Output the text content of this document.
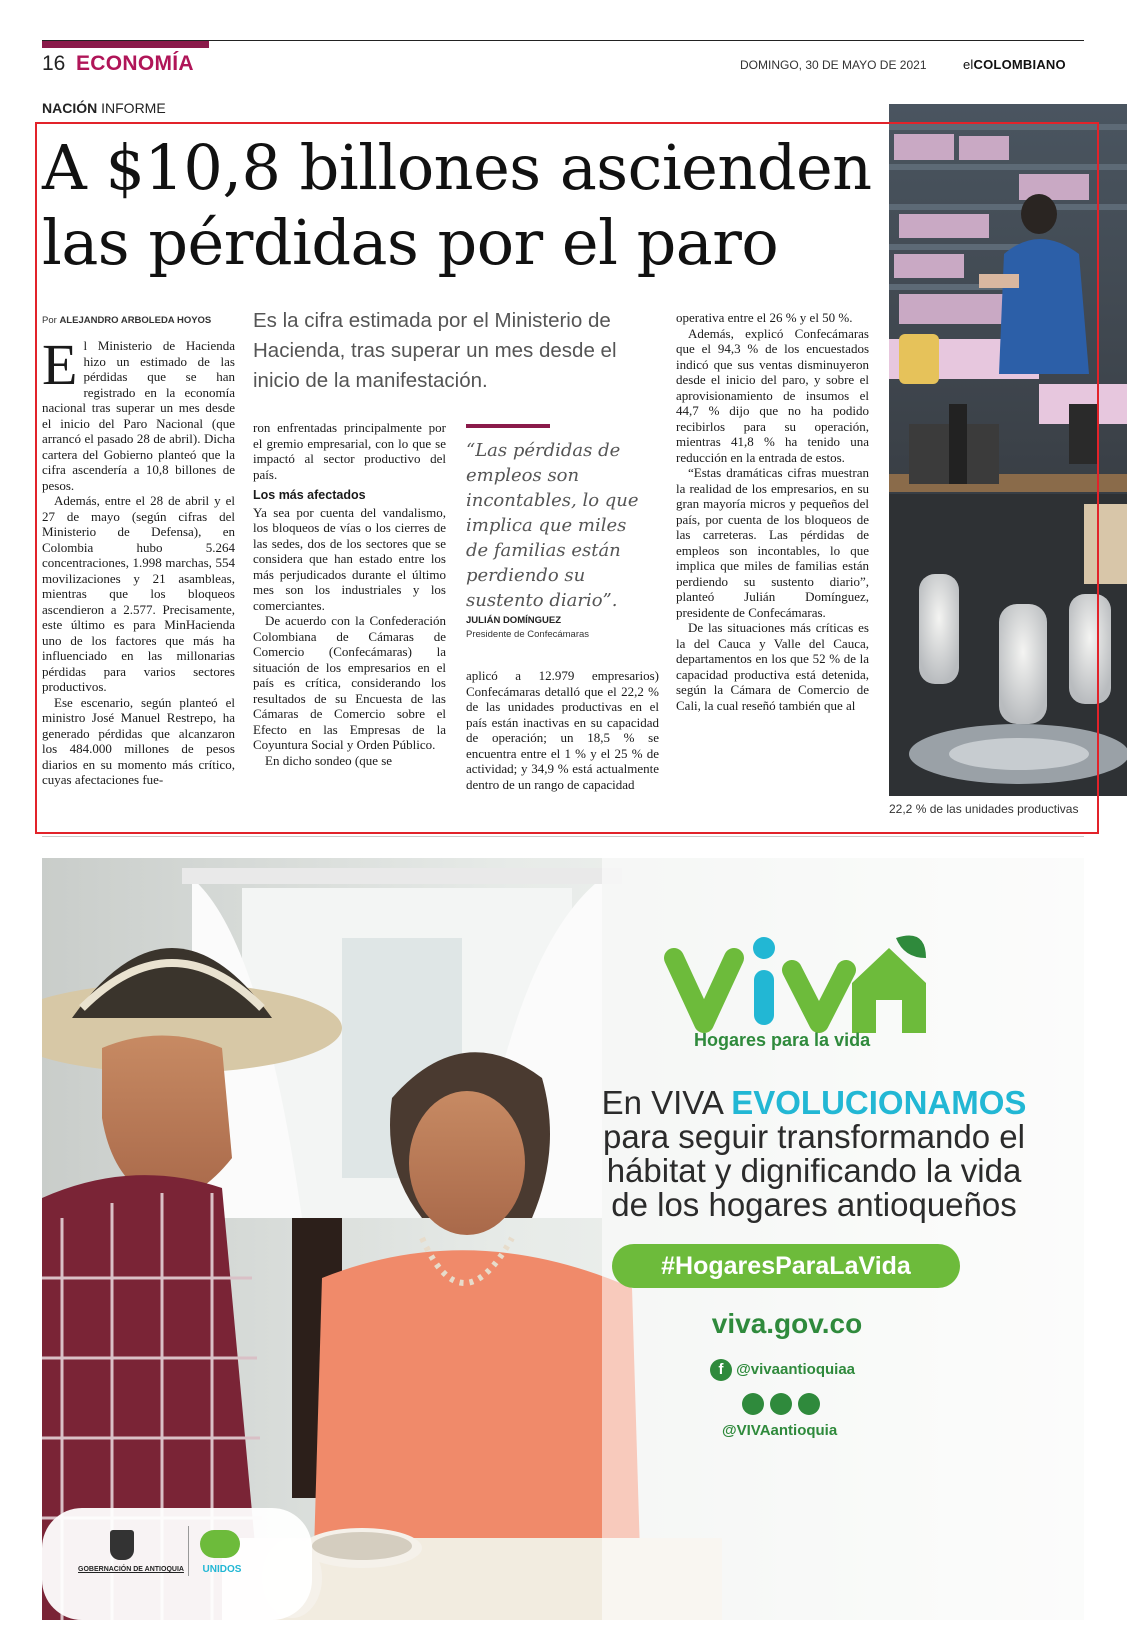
16 ECONOMÍA	DOMINGO, 30 DE MAYO DE 2021	elCOLOMBIANO
NACIÓN INFORME
22,2 % de las unidades productivas
A $10,8 billones ascienden
las pérdidas por el paro
Por ALEJANDRO ARBOLEDA HOYOS Es la cifra estimada por el Ministerio de Hacienda, tras superar un mes desde el inicio de la manifestación.

El Ministerio de Hacienda hizo un estimado de las pérdidas que se han registrado en la economía nacional tras superar un mes desde el inicio del Paro Nacional (que arrancó el pasado 28 de abril). Dicha cartera del Gobierno planteó que la cifra ascendería a 10,8 billones de pesos.

Además, entre el 28 de abril y el 27 de mayo (según cifras del Ministerio de Defensa), en Colombia hubo 5.264 concentraciones, 1.998 marchas, 554 movilizaciones y 21 asambleas, mientras que los bloqueos ascendieron a 2.577. Precisamente, este último es para MinHacienda uno de los factores que más ha influenciado en las millonarias pérdidas para varios sectores productivos.

Ese escenario, según planteó el ministro José Manuel Restrepo, ha generado pérdidas que alcanzaron los 484.000 millones de pesos diarios en su momento más crítico, cuyas afectaciones fue-

ron enfrentadas principalmente por el gremio empresarial, con lo que se impactó al sector productivo del país.

Los más afectados

Ya sea por cuenta del vandalismo, los bloqueos de vías o los cierres de las sedes, dos de los sectores que se considera que han estado entre los más perjudicados durante el último mes son los industriales y los comerciantes.

De acuerdo con la Confederación Colombiana de Cámaras de Comercio (Confecámaras) la situación de los empresarios en el país es crítica, considerando los resultados de su Encuesta de las Cámaras de Comercio sobre el Efecto en las Empresas de la Coyuntura Social y Orden Público.

En dicho sondeo (que se

“Las pérdidas de empleos son incontables, lo que implica que miles de familias están perdiendo su sustento diario”.
JULIÁN DOMÍNGUEZ
Presidente de Confecámaras

aplicó a 12.979 empresarios) Confecámaras detalló que el 22,2 % de las unidades productivas en el país están inactivas en su capacidad de operación; un 18,5 % se encuentra entre el 1 % y el 25 % de actividad; y 34,9 % está actualmente dentro de un rango de capacidad

operativa entre el 26 % y el 50 %.

Además, explicó Confecámaras que el 94,3 % de los encuestados indicó que sus ventas disminuyeron desde el inicio del paro, y sobre el aprovisionamiento de insumos el 44,7 % dijo que no ha podido recibirlos para su operación, mientras 41,8 % ha tenido una reducción en la entrada de estos.

“Estas dramáticas cifras muestran la realidad de los empresarios, en su gran mayoría micros y pequeños del país, por cuenta de los bloqueos de las carreteras. Las pérdidas de empleos son incontables, lo que implica que miles de familias están perdiendo su sustento diario”, planteó Julián Domínguez, presidente de Confecámaras.

De las situaciones más críticas es la del Cauca y Valle del Cauca, departamentos en los que 52 % de la capacidad productiva está detenida, según la Cámara de Comercio de Cali, la cual reseñó también que al

Hogares para la vida
En VIVA EVOLUCIONAMOS
para seguir transformando el
hábitat y dignificando la vida
de los hogares antioqueños
#HogaresParaLaVida
viva.gov.co
f @vivaantioquiaa
@VIVAantioquia
GOBERNACIÓN DE ANTIOQUIA	UNIDOS
